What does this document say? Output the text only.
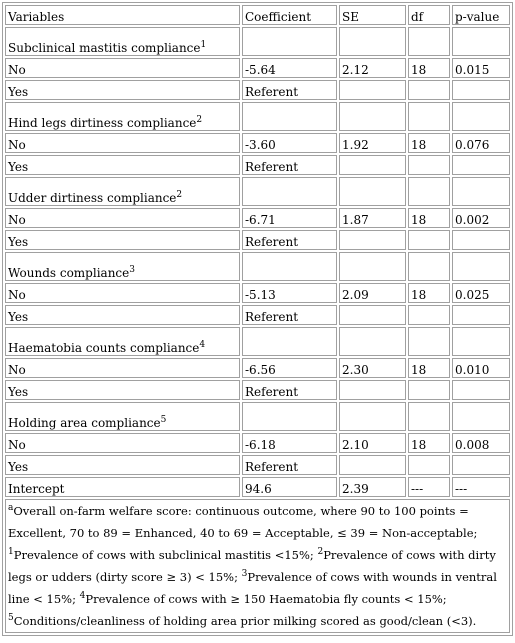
Variables	Coefficient	SE	df	p-value
Subclinical mastitis compliance$^1$				
No	-5.64	2.12	18	0.015
Yes	Referent			
Hind legs dirtiness compliance$^2$				
No	-3.60	1.92	18	0.076
Yes	Referent			
Udder dirtiness compliance$^2$				
No	-6.71	1.87	18	0.002
Yes	Referent			
Wounds compliance$^3$				
No	-5.13	2.09	18	0.025
Yes	Referent			
Haematobia counts compliance$^4$				
No	-6.56	2.30	18	0.010
Yes	Referent			
Holding area compliance$^5$				
No	-6.18	2.10	18	0.008
Yes	Referent			
Intercept	94.6	2.39	---	---
$^a$Overall on-farm welfare score: continuous outcome, where 90 to 100 points = Excellent, 70 to 89 = Enhanced, 40 to 69 = Acceptable, ≤ 39 = Non-acceptable;
$^1$Prevalence of cows with subclinical mastitis <15%; $^2$Prevalence of cows with dirty legs or udders (dirty score ≥ 3) < 15%; $^3$Prevalence of cows with wounds in ventral line < 15%; $^4$Prevalence of cows with ≥ 150 Haematobia fly counts < 15%;
$^5$Conditions/cleanliness of holding area prior milking scored as good/clean (<3).				
